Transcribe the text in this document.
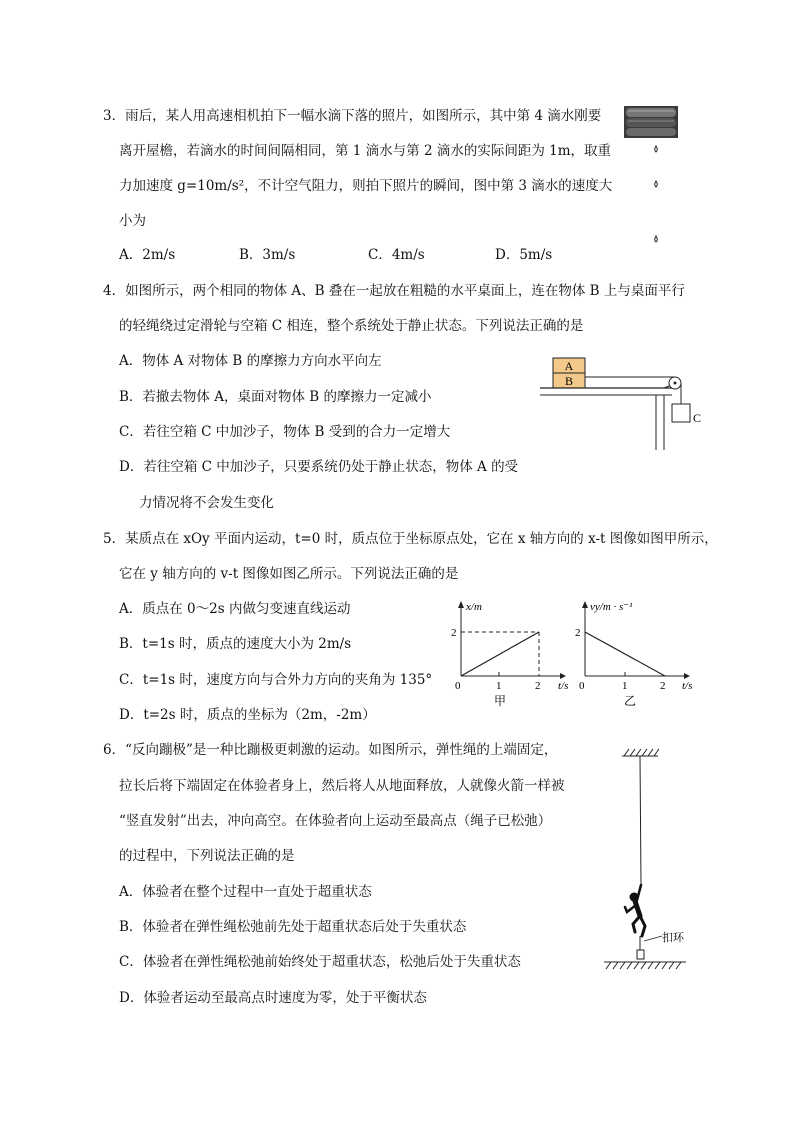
3．雨后，某人用高速相机拍下一幅水滴下落的照片，如图所示，其中第 4 滴水刚要
离开屋檐，若滴水的时间间隔相同，第 1 滴水与第 2 滴水的实际间距为 1m，取重
力加速度 g=10m/s²，不计空气阻力，则拍下照片的瞬间，图中第 3 滴水的速度大
小为
A．2m/s	B．3m/s	C．4m/s	D．5m/s
4．如图所示，两个相同的物体 A、B 叠在一起放在粗糙的水平桌面上，连在物体 B 上与桌面平行
的轻绳绕过定滑轮与空箱 C 相连，整个系统处于静止状态。下列说法正确的是
A．物体 A 对物体 B 的摩擦力方向水平向左
B．若撤去物体 A，桌面对物体 B 的摩擦力一定减小
C．若往空箱 C 中加沙子，物体 B 受到的合力一定增大
D．若往空箱 C 中加沙子，只要系统仍处于静止状态，物体 A 的受
力情况将不会发生变化
A
B
C
5．某质点在 xOy 平面内运动，t=0 时，质点位于坐标原点处，它在 x 轴方向的 x-t 图像如图甲所示，
它在 y 轴方向的 v-t 图像如图乙所示。下列说法正确的是
A．质点在 0～2s 内做匀变速直线运动
B．t=1s 时，质点的速度大小为 2m/s
C．t=1s 时，速度方向与合外力方向的夹角为 135°
D．t=2s 时，质点的坐标为（2m，-2m）
x/m
t/s
0
2
1	2
甲
vy/m · s⁻¹
t/s
0
2
1	2
乙
6．“反向蹦极”是一种比蹦极更刺激的运动。如图所示，弹性绳的上端固定，
拉长后将下端固定在体验者身上，然后将人从地面释放，人就像火箭一样被
“竖直发射”出去，冲向高空。在体验者向上运动至最高点（绳子已松弛）
的过程中，下列说法正确的是
A．体验者在整个过程中一直处于超重状态
B．体验者在弹性绳松弛前先处于超重状态后处于失重状态
C．体验者在弹性绳松弛前始终处于超重状态，松弛后处于失重状态
D．体验者运动至最高点时速度为零，处于平衡状态
扣环
